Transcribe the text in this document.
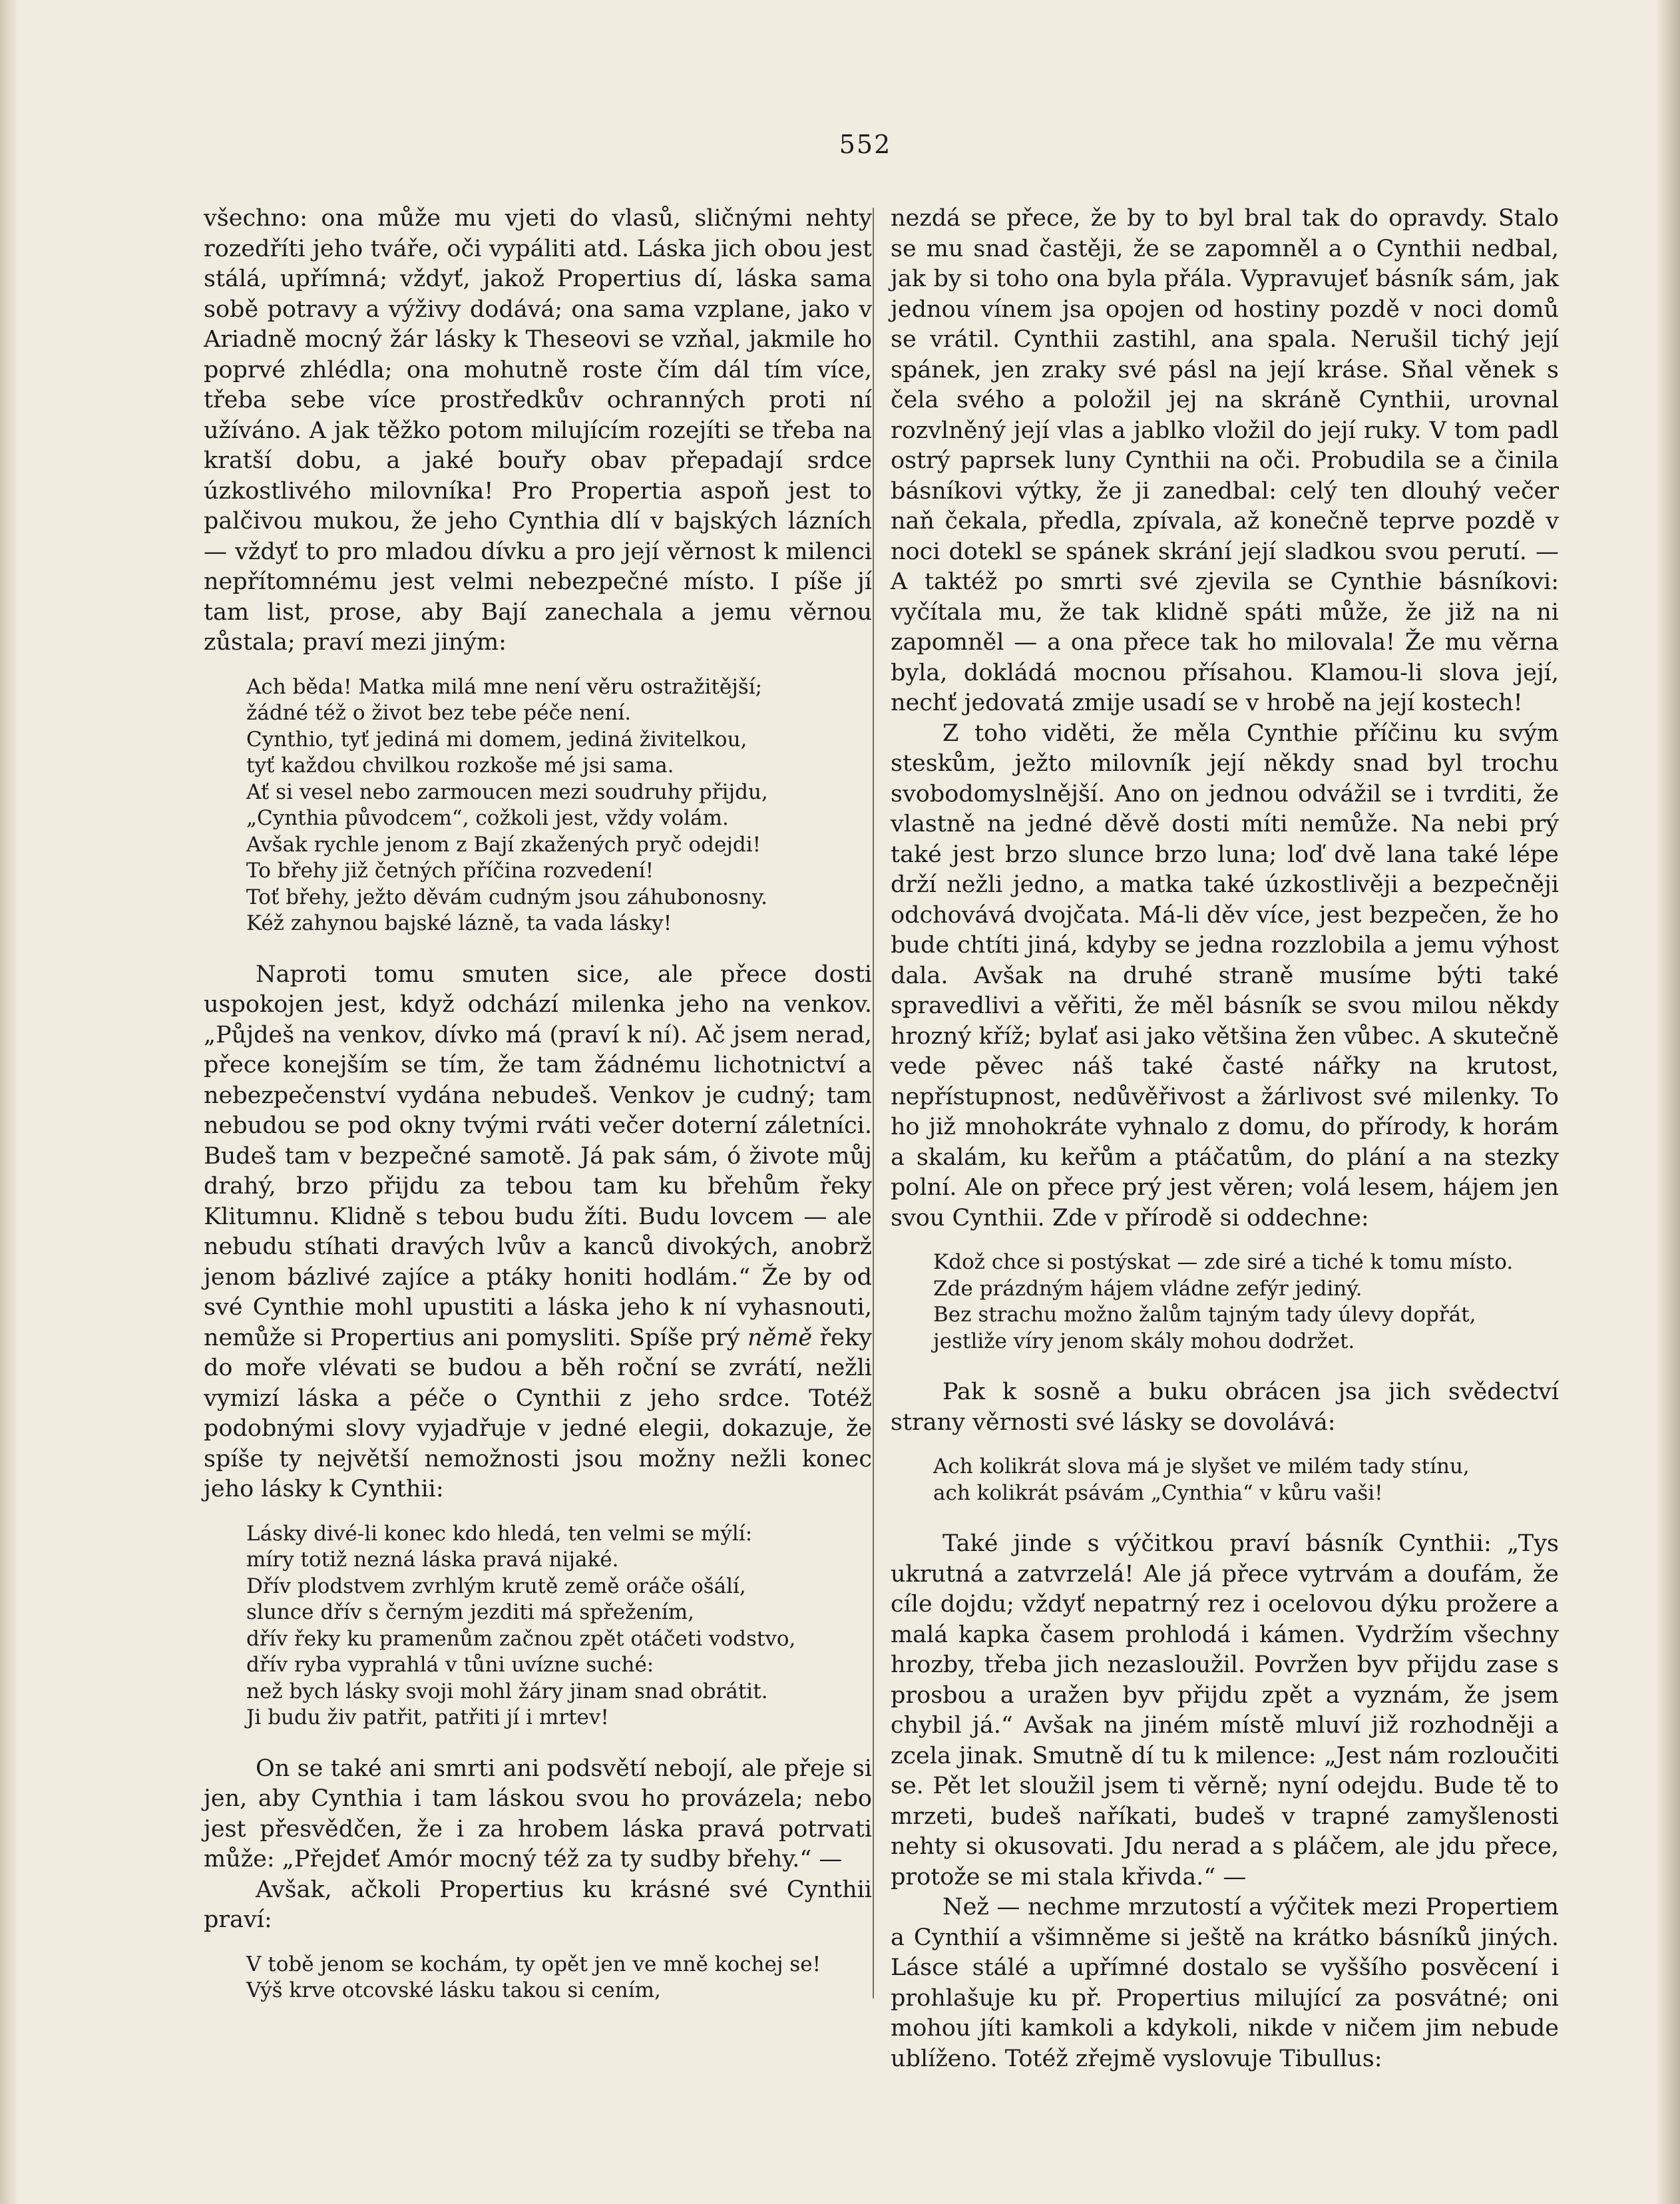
552

všechno: ona může mu vjeti do vlasů, sličnými nehty rozedříti jeho tváře, oči vypáliti atd. Láska jich obou jest stálá, upřímná; vždyť, jakož Propertius dí, láska sama sobě potravy a výživy dodává; ona sama vzplane, jako v Ariadně mocný žár lásky k Theseovi se vzňal, jakmile ho poprvé zhlédla; ona mohutně roste čím dál tím více, třeba sebe více prostředkův ochranných proti ní užíváno. A jak těžko potom milujícím rozejíti se třeba na kratší dobu, a jaké bouřy obav přepadají srdce úzkostlivého milovníka! Pro Propertia aspoň jest to palčivou mukou, že jeho Cynthia dlí v bajských lázních — vždyť to pro mladou dívku a pro její věrnost k milenci nepřítomnému jest velmi nebezpečné místo. I píše jí tam list, prose, aby Bají zanechala a jemu věrnou zůstala; praví mezi jiným:

Ach běda! Matka milá mne není věru ostražitější;
žádné též o život bez tebe péče není.
Cynthio, tyť jediná mi domem, jediná živitelkou,
tyť každou chvilkou rozkoše mé jsi sama.
Ať si vesel nebo zarmoucen mezi soudruhy přijdu,
„Cynthia původcem“, cožkoli jest, vždy volám.
Avšak rychle jenom z Bají zkažených pryč odejdi!
To břehy již četných příčina rozvedení!
Toť břehy, ježto děvám cudným jsou záhubonosny.
Kéž zahynou bajské lázně, ta vada lásky!

Naproti tomu smuten sice, ale přece dosti uspokojen jest, když odchází milenka jeho na venkov. „Půjdeš na venkov, dívko má (praví k ní). Ač jsem nerad, přece konejším se tím, že tam žádnému lichotnictví a nebezpečenství vydána nebudeš. Venkov je cudný; tam nebudou se pod okny tvými rváti večer doterní záletníci. Budeš tam v bezpečné samotě. Já pak sám, ó živote můj drahý, brzo přijdu za tebou tam ku břehům řeky Klitumnu. Klidně s tebou budu žíti. Budu lovcem — ale nebudu stíhati dravých lvův a kanců divokých, anobrž jenom bázlivé zajíce a ptáky honiti hodlám.“ Že by od své Cynthie mohl upustiti a láska jeho k ní vyhasnouti, nemůže si Propertius ani pomysliti. Spíše prý němě řeky do moře vlévati se budou a běh roční se zvrátí, nežli vymizí láska a péče o Cynthii z jeho srdce. Totéž podobnými slovy vyjadřuje v jedné elegii, dokazuje, že spíše ty největší nemožnosti jsou možny nežli konec jeho lásky k Cynthii:

Lásky divé-li konec kdo hledá, ten velmi se mýlí:
míry totiž nezná láska pravá nijaké.
Dřív plodstvem zvrhlým krutě země oráče ošálí,
slunce dřív s černým jezditi má spřežením,
dřív řeky ku pramenům začnou zpět otáčeti vodstvo,
dřív ryba vyprahlá v tůni uvízne suché:
než bych lásky svoji mohl žáry jinam snad obrátit.
Ji budu živ patřit, patřiti jí i mrtev!

On se také ani smrti ani podsvětí nebojí, ale přeje si jen, aby Cynthia i tam láskou svou ho provázela; nebo jest přesvědčen, že i za hrobem láska pravá potrvati může: „Přejdeť Amór mocný též za ty sudby břehy.“ —

Avšak, ačkoli Propertius ku krásné své Cynthii praví:

V tobě jenom se kochám, ty opět jen ve mně kochej se!
Výš krve otcovské lásku takou si cením,

nezdá se přece, že by to byl bral tak do opravdy. Stalo se mu snad častěji, že se zapomněl a o Cynthii nedbal, jak by si toho ona byla přála. Vypravujeť básník sám, jak jednou vínem jsa opojen od hostiny pozdě v noci domů se vrátil. Cynthii zastihl, ana spala. Nerušil tichý její spánek, jen zraky své pásl na její kráse. Sňal věnek s čela svého a položil jej na skráně Cynthii, urovnal rozvlněný její vlas a jablko vložil do její ruky. V tom padl ostrý paprsek luny Cynthii na oči. Probudila se a činila básníkovi výtky, že ji zanedbal: celý ten dlouhý večer naň čekala, předla, zpívala, až konečně teprve pozdě v noci dotekl se spánek skrání její sladkou svou perutí. — A taktéž po smrti své zjevila se Cynthie básníkovi: vyčítala mu, že tak klidně spáti může, že již na ni zapomněl — a ona přece tak ho milovala! Že mu věrna byla, dokládá mocnou přísahou. Klamou-li slova její, nechť jedovatá zmije usadí se v hrobě na její kostech!

Z toho viděti, že měla Cynthie příčinu ku svým steskům, ježto milovník její někdy snad byl trochu svobodomyslnější. Ano on jednou odvážil se i tvrditi, že vlastně na jedné děvě dosti míti nemůže. Na nebi prý také jest brzo slunce brzo luna; loď dvě lana také lépe drží nežli jedno, a matka také úzkostlivěji a bezpečněji odchovává dvojčata. Má-li děv více, jest bezpečen, že ho bude chtíti jiná, kdyby se jedna rozzlobila a jemu výhost dala. Avšak na druhé straně musíme býti také spravedlivi a věřiti, že měl básník se svou milou někdy hrozný kříž; bylať asi jako většina žen vůbec. A skutečně vede pěvec náš také časté nářky na krutost, nepřístupnost, nedůvěřivost a žárlivost své milenky. To ho již mnohokráte vyhnalo z domu, do přírody, k horám a skalám, ku keřům a ptáčatům, do plání a na stezky polní. Ale on přece prý jest věren; volá lesem, hájem jen svou Cynthii. Zde v přírodě si oddechne:

Kdož chce si postýskat — zde siré a tiché k tomu místo.
Zde prázdným hájem vládne zefýr jediný.
Bez strachu možno žalům tajným tady úlevy dopřát,
jestliže víry jenom skály mohou dodržet.

Pak k sosně a buku obrácen jsa jich svědectví strany věrnosti své lásky se dovolává:

Ach kolikrát slova má je slyšet ve milém tady stínu,
ach kolikrát psávám „Cynthia“ v kůru vaši!

Také jinde s výčitkou praví básník Cynthii: „Tys ukrutná a zatvrzelá! Ale já přece vytrvám a doufám, že cíle dojdu; vždyť nepatrný rez i ocelovou dýku prožere a malá kapka časem prohlodá i kámen. Vydržím všechny hrozby, třeba jich nezasloužil. Povržen byv přijdu zase s prosbou a uražen byv přijdu zpět a vyznám, že jsem chybil já.“ Avšak na jiném místě mluví již rozhodněji a zcela jinak. Smutně dí tu k milence: „Jest nám rozloučiti se. Pět let sloužil jsem ti věrně; nyní odejdu. Bude tě to mrzeti, budeš naříkati, budeš v trapné zamyšlenosti nehty si okusovati. Jdu nerad a s pláčem, ale jdu přece, protože se mi stala křivda.“ —

Než — nechme mrzutostí a výčitek mezi Propertiem a Cynthií a všimněme si ještě na krátko básníků jiných. Lásce stálé a upřímné dostalo se vyššího posvěcení i prohlašuje ku př. Propertius milující za posvátné; oni mohou jíti kamkoli a kdykoli, nikde v ničem jim nebude ublíženo. Totéž zřejmě vyslovuje Tibullus:
